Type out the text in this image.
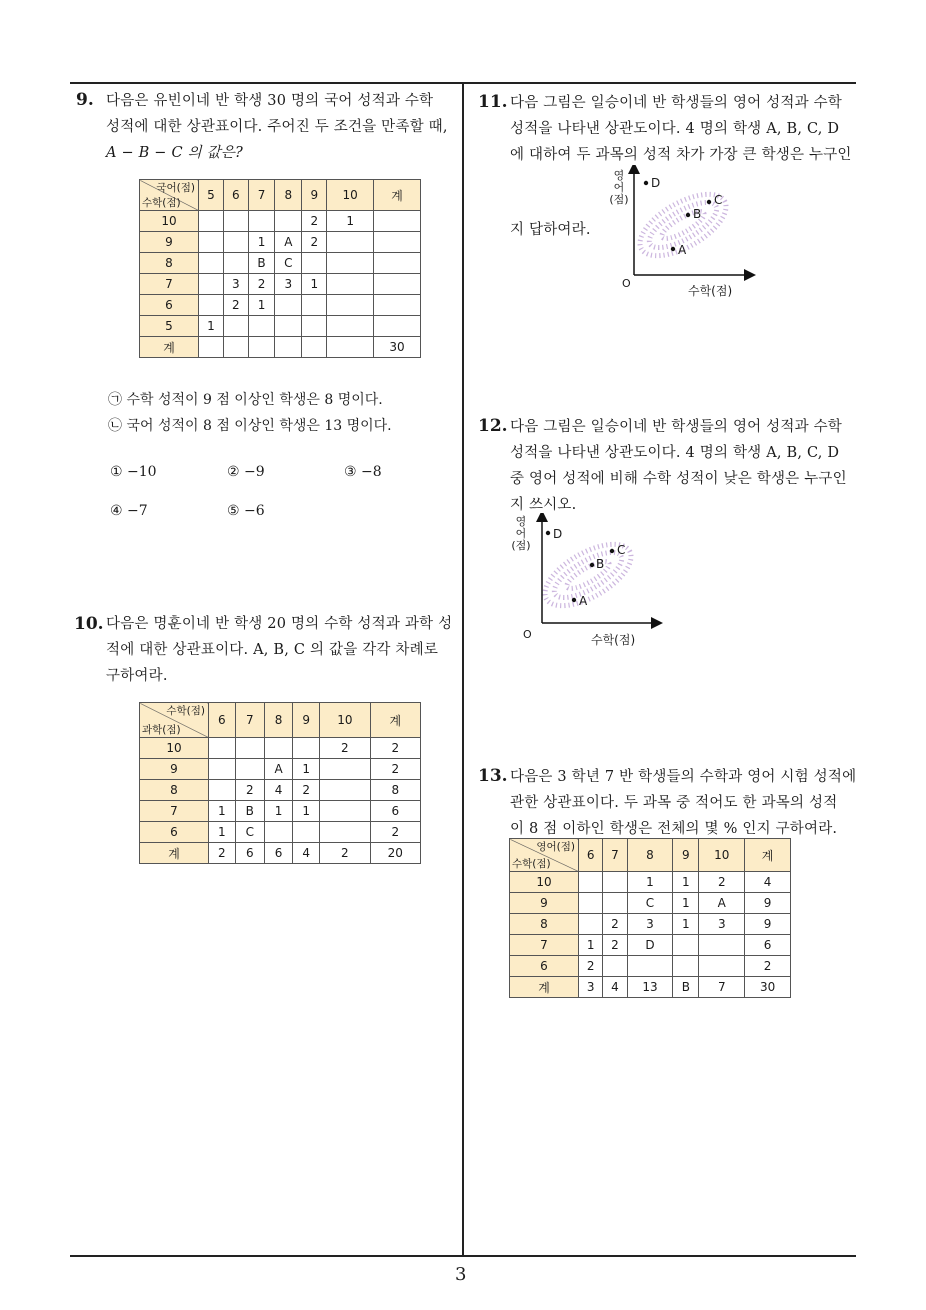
3
9. 다음은 유빈이네 반 학생 30 명의 국어 성적과 수학
성적에 대한 상관표이다. 주어진 두 조건을 만족할 때,
A − B − C 의 값은?
국어(점)
수학(점)	5	6	7	8	9	10	계
10					2	1	
9			1	A	2		
8			B	C			
7		3	2	3	1		
6		2	1				
5	1						
계							30
㉠ 수학 성적이 9 점 이상인 학생은 8 명이다.
㉡ 국어 성적이 8 점 이상인 학생은 13 명이다.
① −10	② −9	③ −8
④ −7	⑤ −6
10. 다음은 명훈이네 반 학생 20 명의 수학 성적과 과학 성
적에 대한 상관표이다. A, B, C 의 값을 각각 차례로
구하여라.
수학(점)
과학(점)	6	7	8	9	10	계
10					2	2
9			A	1		2
8		2	4	2		8
7	1	B	1	1		6
6	1	C				2
계	2	6	6	4	2	20
11. 다음 그림은 일승이네 반 학생들의 영어 성적과 수학
성적을 나타낸 상관도이다. 4 명의 학생 A, B, C, D
에 대하여 두 과목의 성적 차가 가장 큰 학생은 누구인
지 답하여라.
영
어
(점)
D
C
B
A
O
수학(점)
12. 다음 그림은 일승이네 반 학생들의 영어 성적과 수학
성적을 나타낸 상관도이다. 4 명의 학생 A, B, C, D
중 영어 성적에 비해 수학 성적이 낮은 학생은 누구인
지 쓰시오.
영
어
(점)
D
C
B
A
O	수학(점)
13. 다음은 3 학년 7 반 학생들의 수학과 영어 시험 성적에
관한 상관표이다. 두 과목 중 적어도 한 과목의 성적
이 8 점 이하인 학생은 전체의 몇 % 인지 구하여라.
영어(점)
수학(점)	6	7	8	9	10	계
10			1	1	2	4
9			C	1	A	9
8		2	3	1	3	9
7	1	2	D			6
6	2					2
계	3	4	13	B	7	30
